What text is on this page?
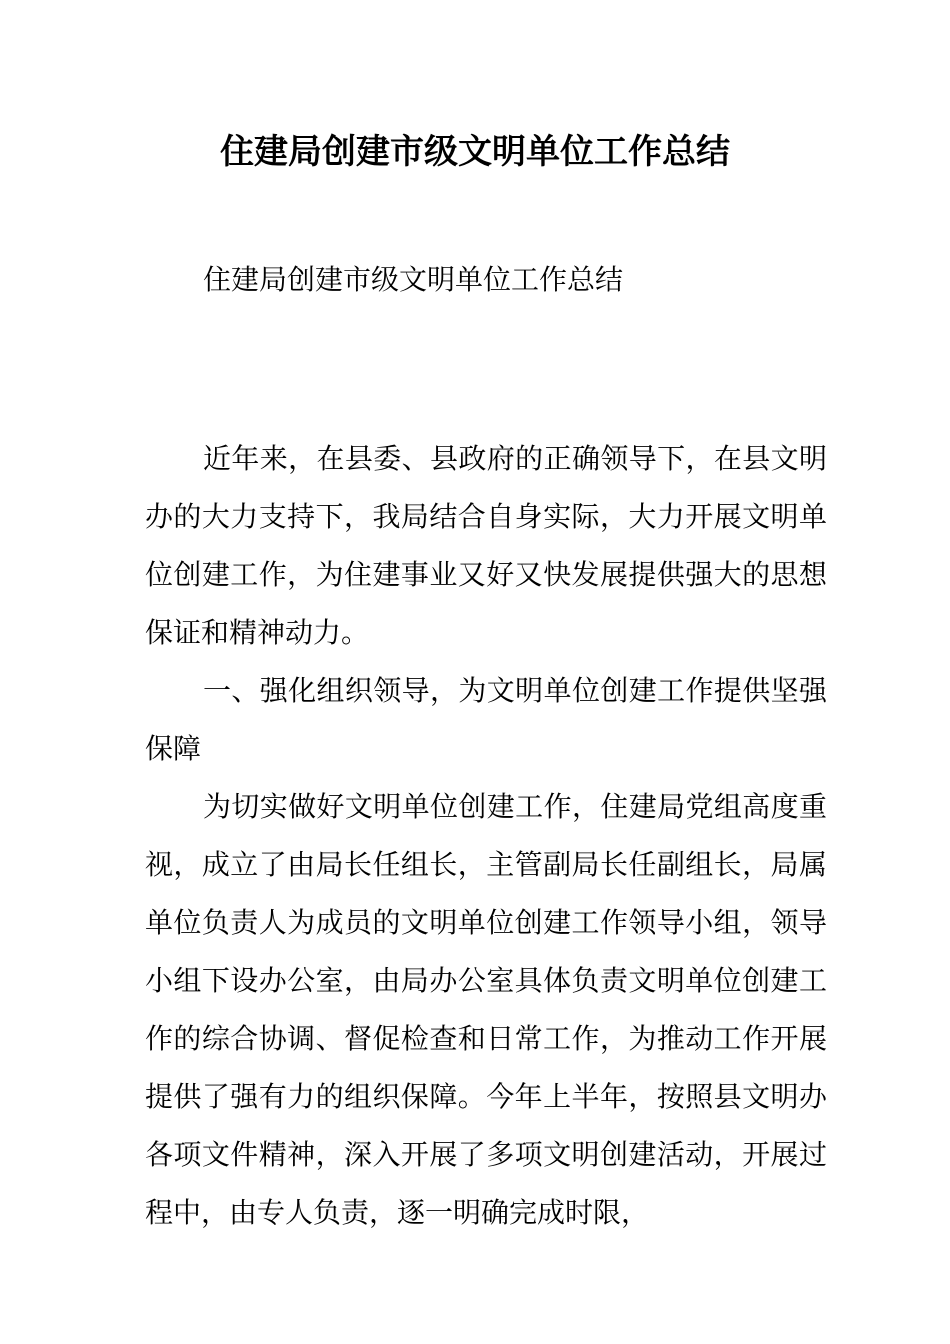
住建局创建市级文明单位工作总结

住建局创建市级文明单位工作总结

近年来，在县委、县政府的正确领导下，在县文明办的大力支持下，我局结合自身实际，大力开展文明单位创建工作，为住建事业又好又快发展提供强大的思想保证和精神动力。

一、强化组织领导，为文明单位创建工作提供坚强保障

为切实做好文明单位创建工作，住建局党组高度重视，成立了由局长任组长，主管副局长任副组长，局属单位负责人为成员的文明单位创建工作领导小组，领导小组下设办公室，由局办公室具体负责文明单位创建工作的综合协调、督促检查和日常工作，为推动工作开展提供了强有力的组织保障。今年上半年，按照县文明办各项文件精神，深入开展了多项文明创建活动，开展过程中，由专人负责，逐一明确完成时限，
